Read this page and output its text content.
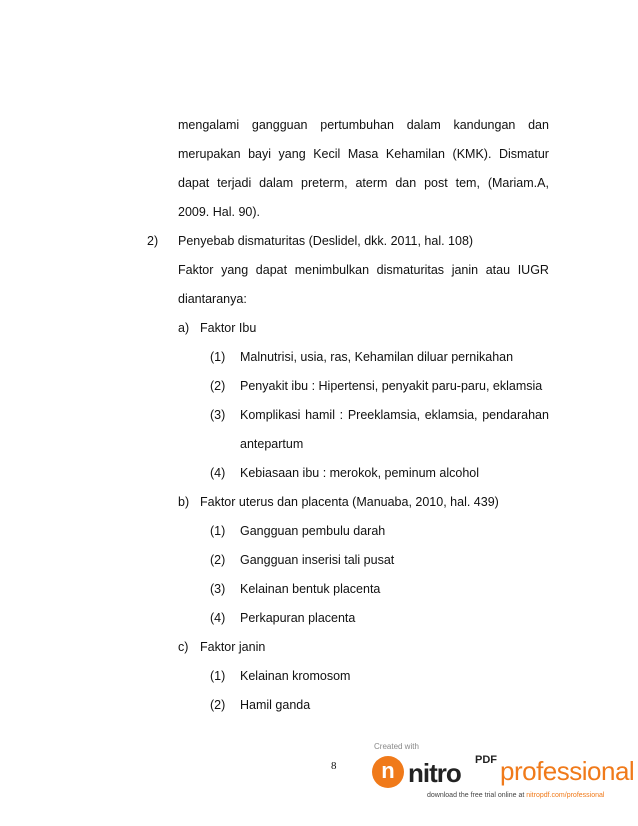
mengalami gangguan pertumbuhan dalam kandungan dan
merupakan bayi yang Kecil Masa Kehamilan (KMK). Dismatur
dapat terjadi dalam preterm, aterm dan post tem, (Mariam.A,
2009. Hal. 90).
2) Penyebab dismaturitas (Deslidel, dkk. 2011, hal. 108)
Faktor yang dapat menimbulkan dismaturitas janin atau IUGR
diantaranya:
a) Faktor Ibu
(1) Malnutrisi, usia, ras, Kehamilan diluar pernikahan
(2) Penyakit ibu : Hipertensi, penyakit paru-paru, eklamsia
(3) Komplikasi hamil : Preeklamsia, eklamsia, pendarahan
antepartum
(4) Kebiasaan ibu : merokok, peminum alcohol
b) Faktor uterus dan placenta (Manuaba, 2010, hal. 439)
(1) Gangguan pembulu darah
(2) Gangguan inserisi tali pusat
(3) Kelainan bentuk placenta
(4) Perkapuran placenta
c) Faktor janin
(1) Kelainan kromosom
(2) Hamil ganda
8
Created with
n nitro PDF professional
download the free trial online at nitropdf.com/professional
